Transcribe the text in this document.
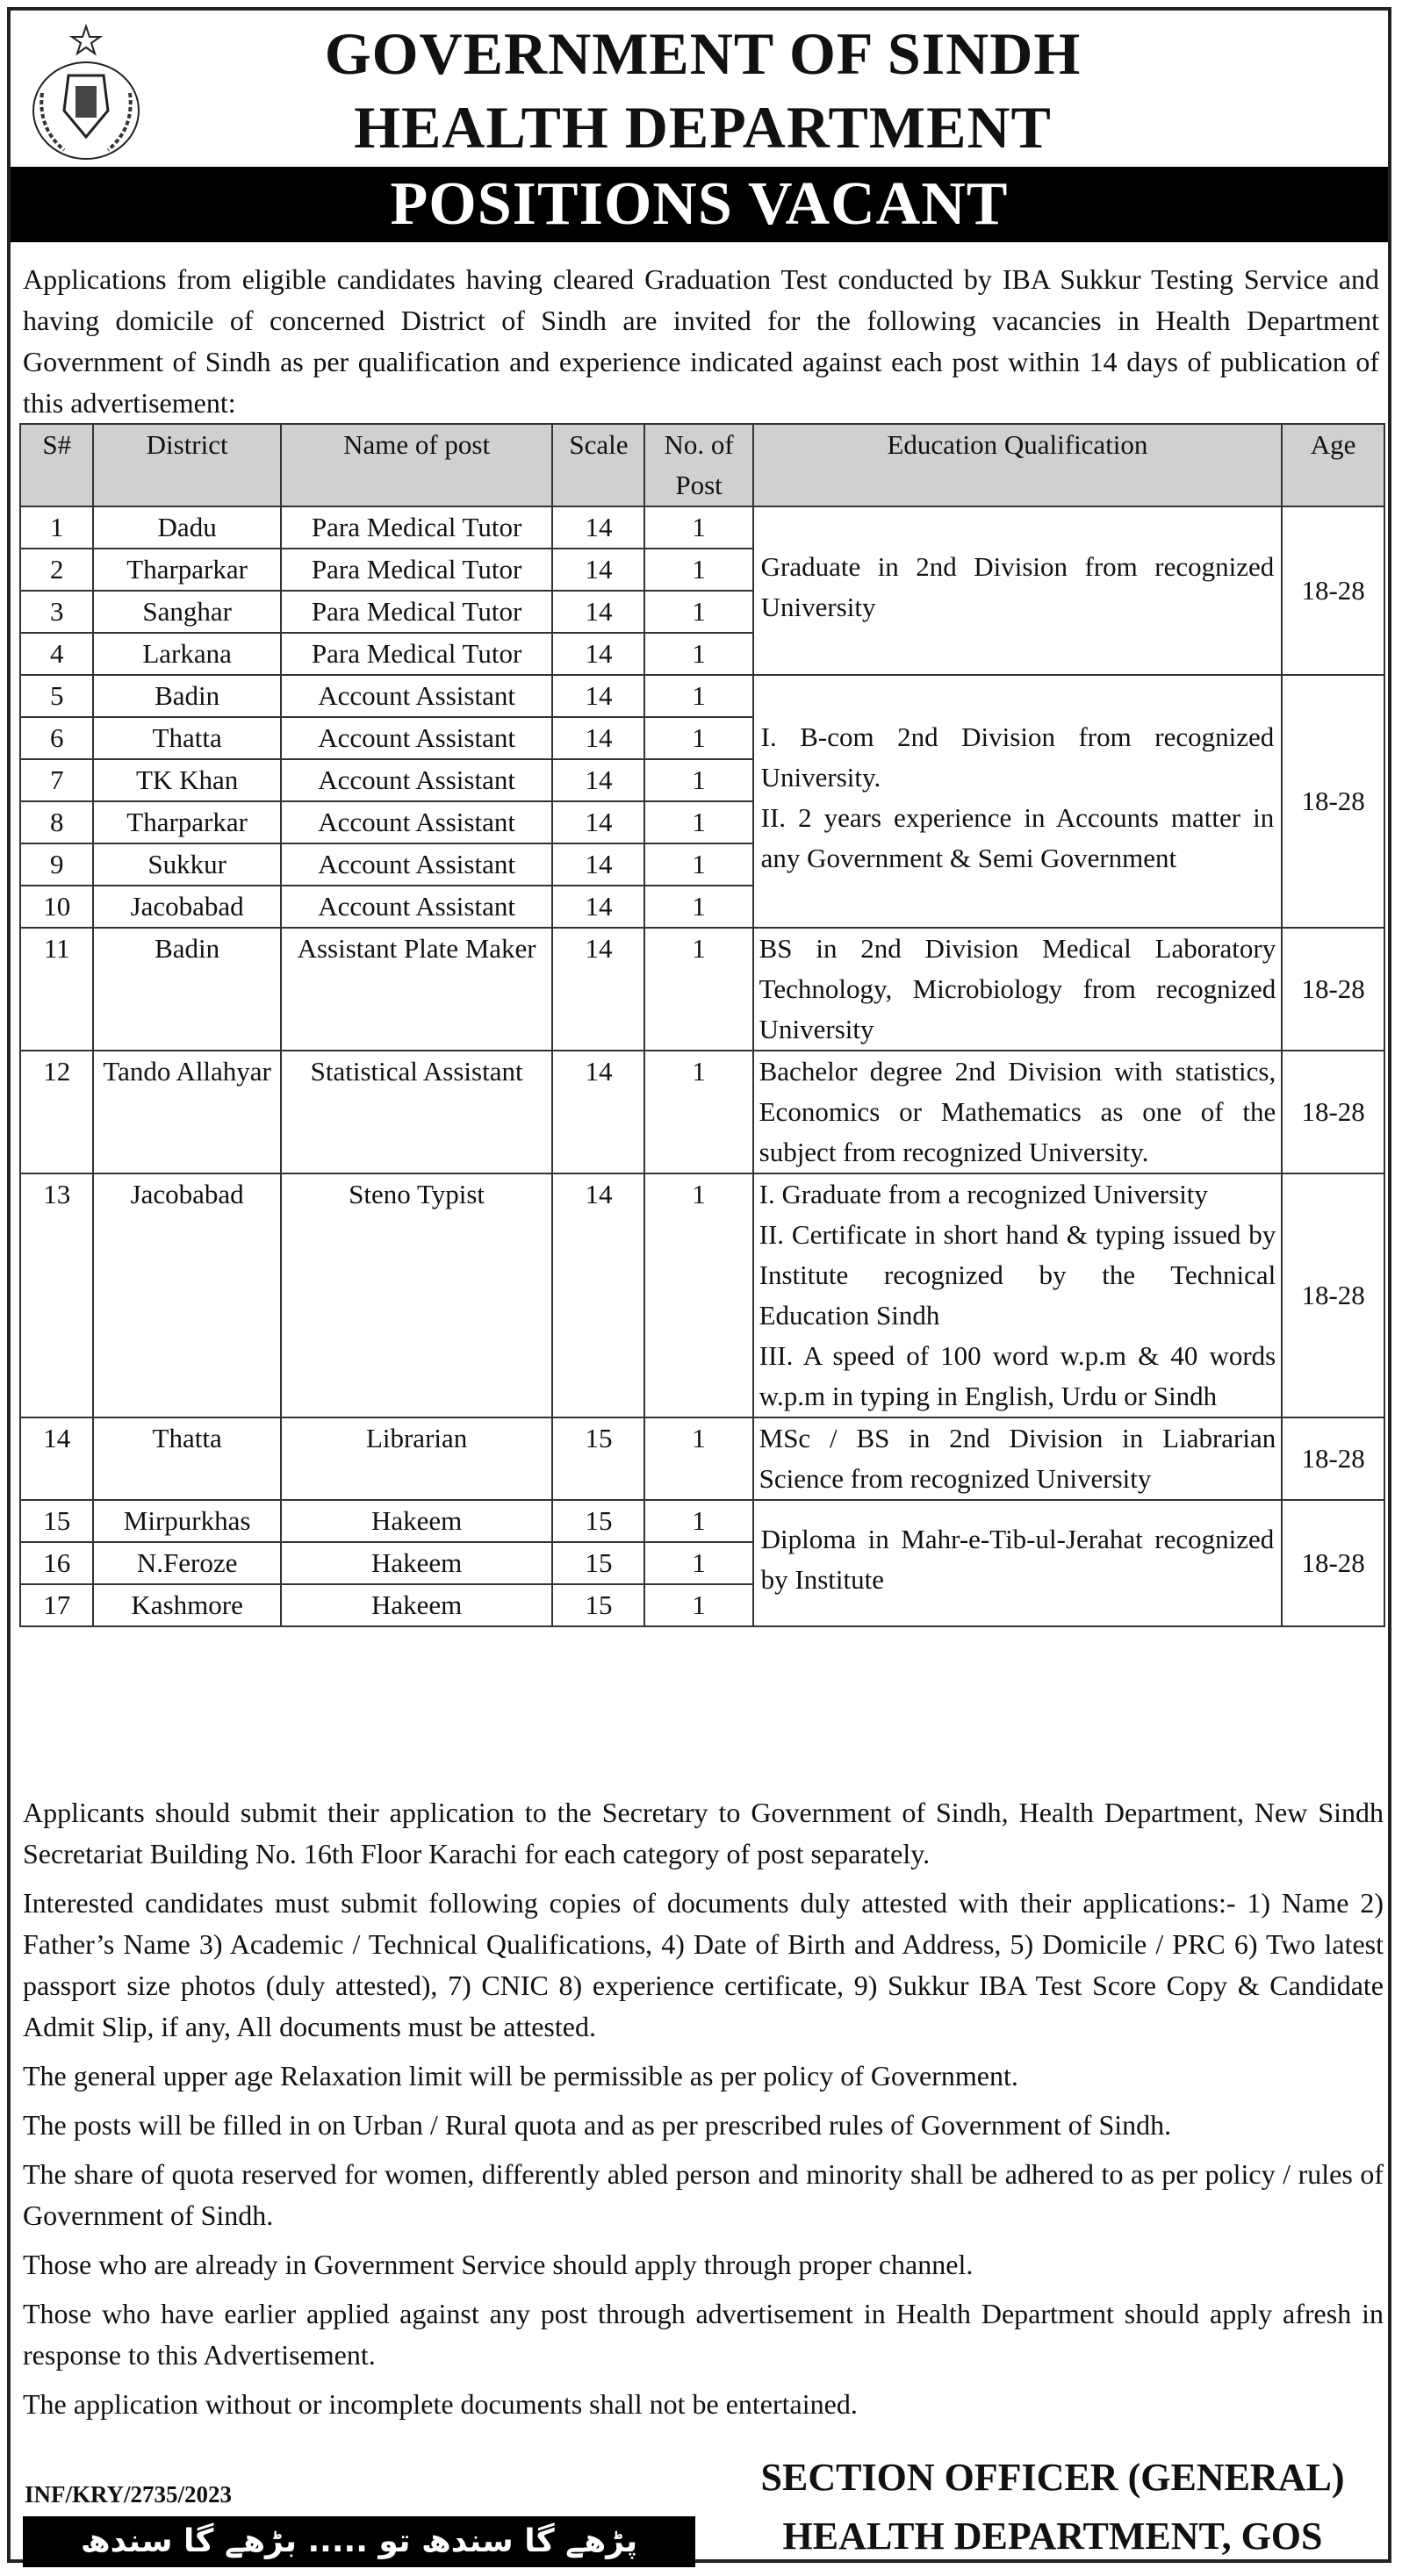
GOVERNMENT OF SINDH
HEALTH DEPARTMENT
POSITIONS VACANT
Applications from eligible candidates having cleared Graduation Test conducted by IBA Sukkur Testing Service and having domicile of concerned District of Sindh are invited for the following vacancies in Health Department Government of Sindh as per qualification and experience indicated against each post within 14 days of publication of this advertisement:
S#	District	Name of post	Scale	No. of Post	Education Qualification	Age
1	Dadu	Para Medical Tutor	14	1	Graduate in 2nd Division from recognized University	18-28
2	Tharparkar	Para Medical Tutor	14	1		
3	Sanghar	Para Medical Tutor	14	1		
4	Larkana	Para Medical Tutor	14	1		
5	Badin	Account Assistant	14	1	I. B-com 2nd Division from recognized University.
II. 2 years experience in Accounts matter in any Government & Semi Government	18-28
6	Thatta	Account Assistant	14	1		
7	TK Khan	Account Assistant	14	1		
8	Tharparkar	Account Assistant	14	1		
9	Sukkur	Account Assistant	14	1		
10	Jacobabad	Account Assistant	14	1		
11	Badin	Assistant Plate Maker	14	1	BS in 2nd Division Medical Laboratory Technology, Microbiology from recognized University	18-28
12	Tando Allahyar	Statistical Assistant	14	1	Bachelor degree 2nd Division with statistics, Economics or Mathematics as one of the subject from recognized University.	18-28
13	Jacobabad	Steno Typist	14	1	I. Graduate from a recognized University
II. Certificate in short hand & typing issued by Institute recognized by the Technical Education Sindh
III. A speed of 100 word w.p.m & 40 words w.p.m in typing in English, Urdu or Sindh	18-28
14	Thatta	Librarian	15	1	MSc / BS in 2nd Division in Liabrarian Science from recognized University	18-28
15	Mirpurkhas	Hakeem	15	1	Diploma in Mahr-e-Tib-ul-Jerahat recognized by Institute	18-28
16	N.Feroze	Hakeem	15	1		
17	Kashmore	Hakeem	15	1		

Applicants should submit their application to the Secretary to Government of Sindh, Health Department, New Sindh Secretariat Building No. 16th Floor Karachi for each category of post separately.

Interested candidates must submit following copies of documents duly attested with their applications:- 1) Name 2) Father’s Name 3) Academic / Technical Qualifications, 4) Date of Birth and Address, 5) Domicile / PRC 6) Two latest passport size photos (duly attested), 7) CNIC 8) experience certificate, 9) Sukkur IBA Test Score Copy & Candidate Admit Slip, if any, All documents must be attested.

The general upper age Relaxation limit will be permissible as per policy of Government.

The posts will be filled in on Urban / Rural quota and as per prescribed rules of Government of Sindh.

The share of quota reserved for women, differently abled person and minority shall be adhered to as per policy / rules of Government of Sindh.

Those who are already in Government Service should apply through proper channel.

Those who have earlier applied against any post through advertisement in Health Department should apply afresh in response to this Advertisement.

The application without or incomplete documents shall not be entertained.

INF/KRY/2735/2023
پڑھے گا سندھ تو ..... بڑھے گا سندھ
SECTION OFFICER (GENERAL)
HEALTH DEPARTMENT, GOS
